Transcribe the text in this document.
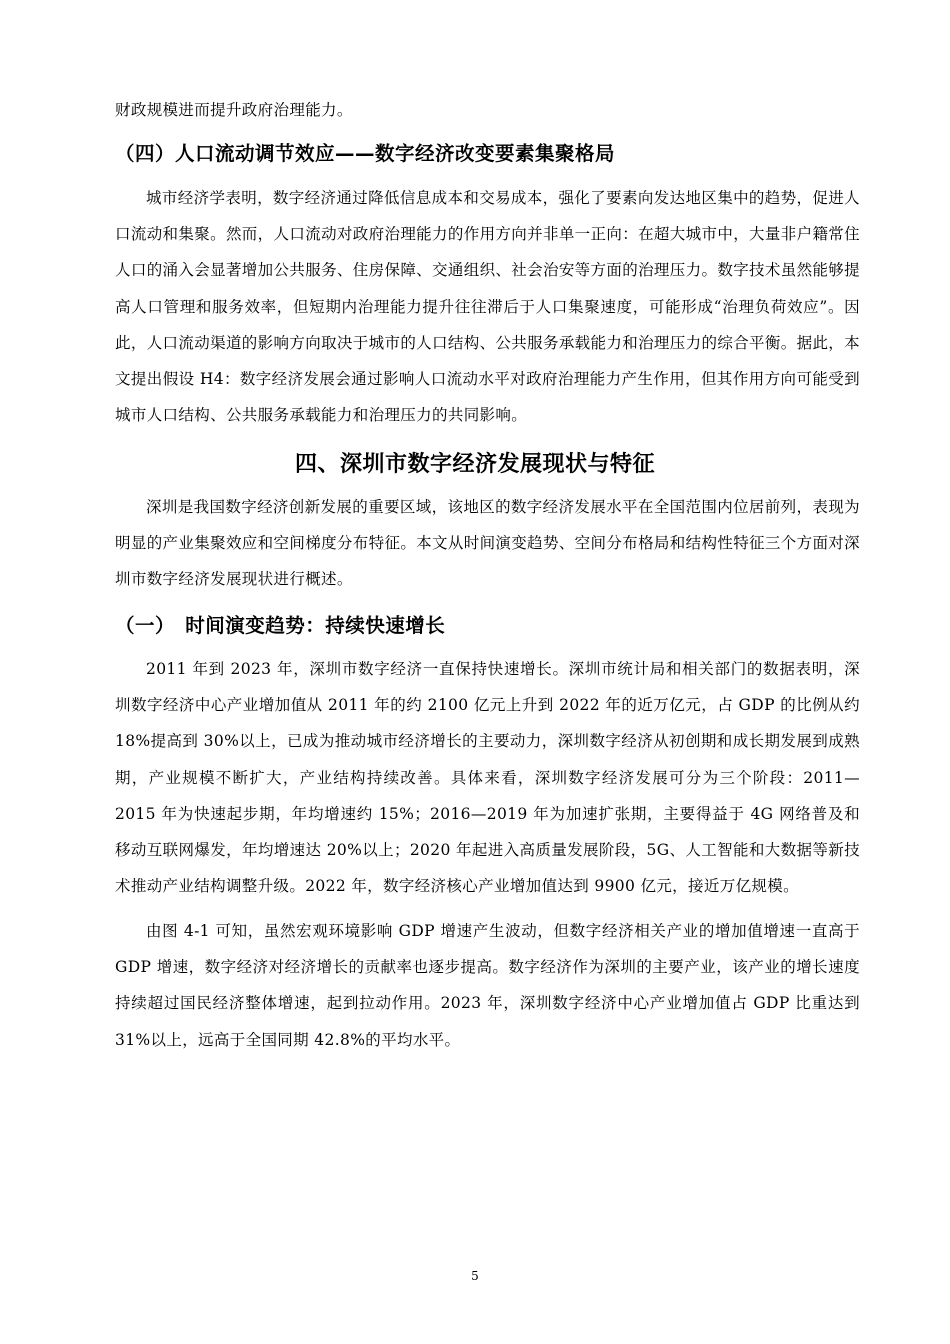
财政规模进而提升政府治理能力。

（四）人口流动调节效应——数字经济改变要素集聚格局

城市经济学表明，数字经济通过降低信息成本和交易成本，强化了要素向发达地区集中的趋势，促进人口流动和集聚。然而，人口流动对政府治理能力的作用方向并非单一正向：在超大城市中，大量非户籍常住人口的涌入会显著增加公共服务、住房保障、交通组织、社会治安等方面的治理压力。数字技术虽然能够提高人口管理和服务效率，但短期内治理能力提升往往滞后于人口集聚速度，可能形成“治理负荷效应”。因此，人口流动渠道的影响方向取决于城市的人口结构、公共服务承载能力和治理压力的综合平衡。据此，本文提出假设 H4：数字经济发展会通过影响人口流动水平对政府治理能力产生作用，但其作用方向可能受到城市人口结构、公共服务承载能力和治理压力的共同影响。

四、深圳市数字经济发展现状与特征

深圳是我国数字经济创新发展的重要区域，该地区的数字经济发展水平在全国范围内位居前列，表现为明显的产业集聚效应和空间梯度分布特征。本文从时间演变趋势、空间分布格局和结构性特征三个方面对深圳市数字经济发展现状进行概述。

（一）　时间演变趋势：持续快速增长

2011 年到 2023 年，深圳市数字经济一直保持快速增长。深圳市统计局和相关部门的数据表明，深圳数字经济中心产业增加值从 2011 年的约 2100 亿元上升到 2022 年的近万亿元，占 GDP 的比例从约 18%提高到 30%以上，已成为推动城市经济增长的主要动力，深圳数字经济从初创期和成长期发展到成熟期，产业规模不断扩大，产业结构持续改善。具体来看，深圳数字经济发展可分为三个阶段：2011—2015 年为快速起步期，年均增速约 15%；2016—2019 年为加速扩张期，主要得益于 4G 网络普及和移动互联网爆发，年均增速达 20%以上；2020 年起进入高质量发展阶段，5G、人工智能和大数据等新技术推动产业结构调整升级。2022 年，数字经济核心产业增加值达到 9900 亿元，接近万亿规模。

由图 4-1 可知，虽然宏观环境影响 GDP 增速产生波动，但数字经济相关产业的增加值增速一直高于 GDP 增速，数字经济对经济增长的贡献率也逐步提高。数字经济作为深圳的主要产业，该产业的增长速度持续超过国民经济整体增速，起到拉动作用。2023 年，深圳数字经济中心产业增加值占 GDP 比重达到 31%以上，远高于全国同期 42.8%的平均水平。

5
